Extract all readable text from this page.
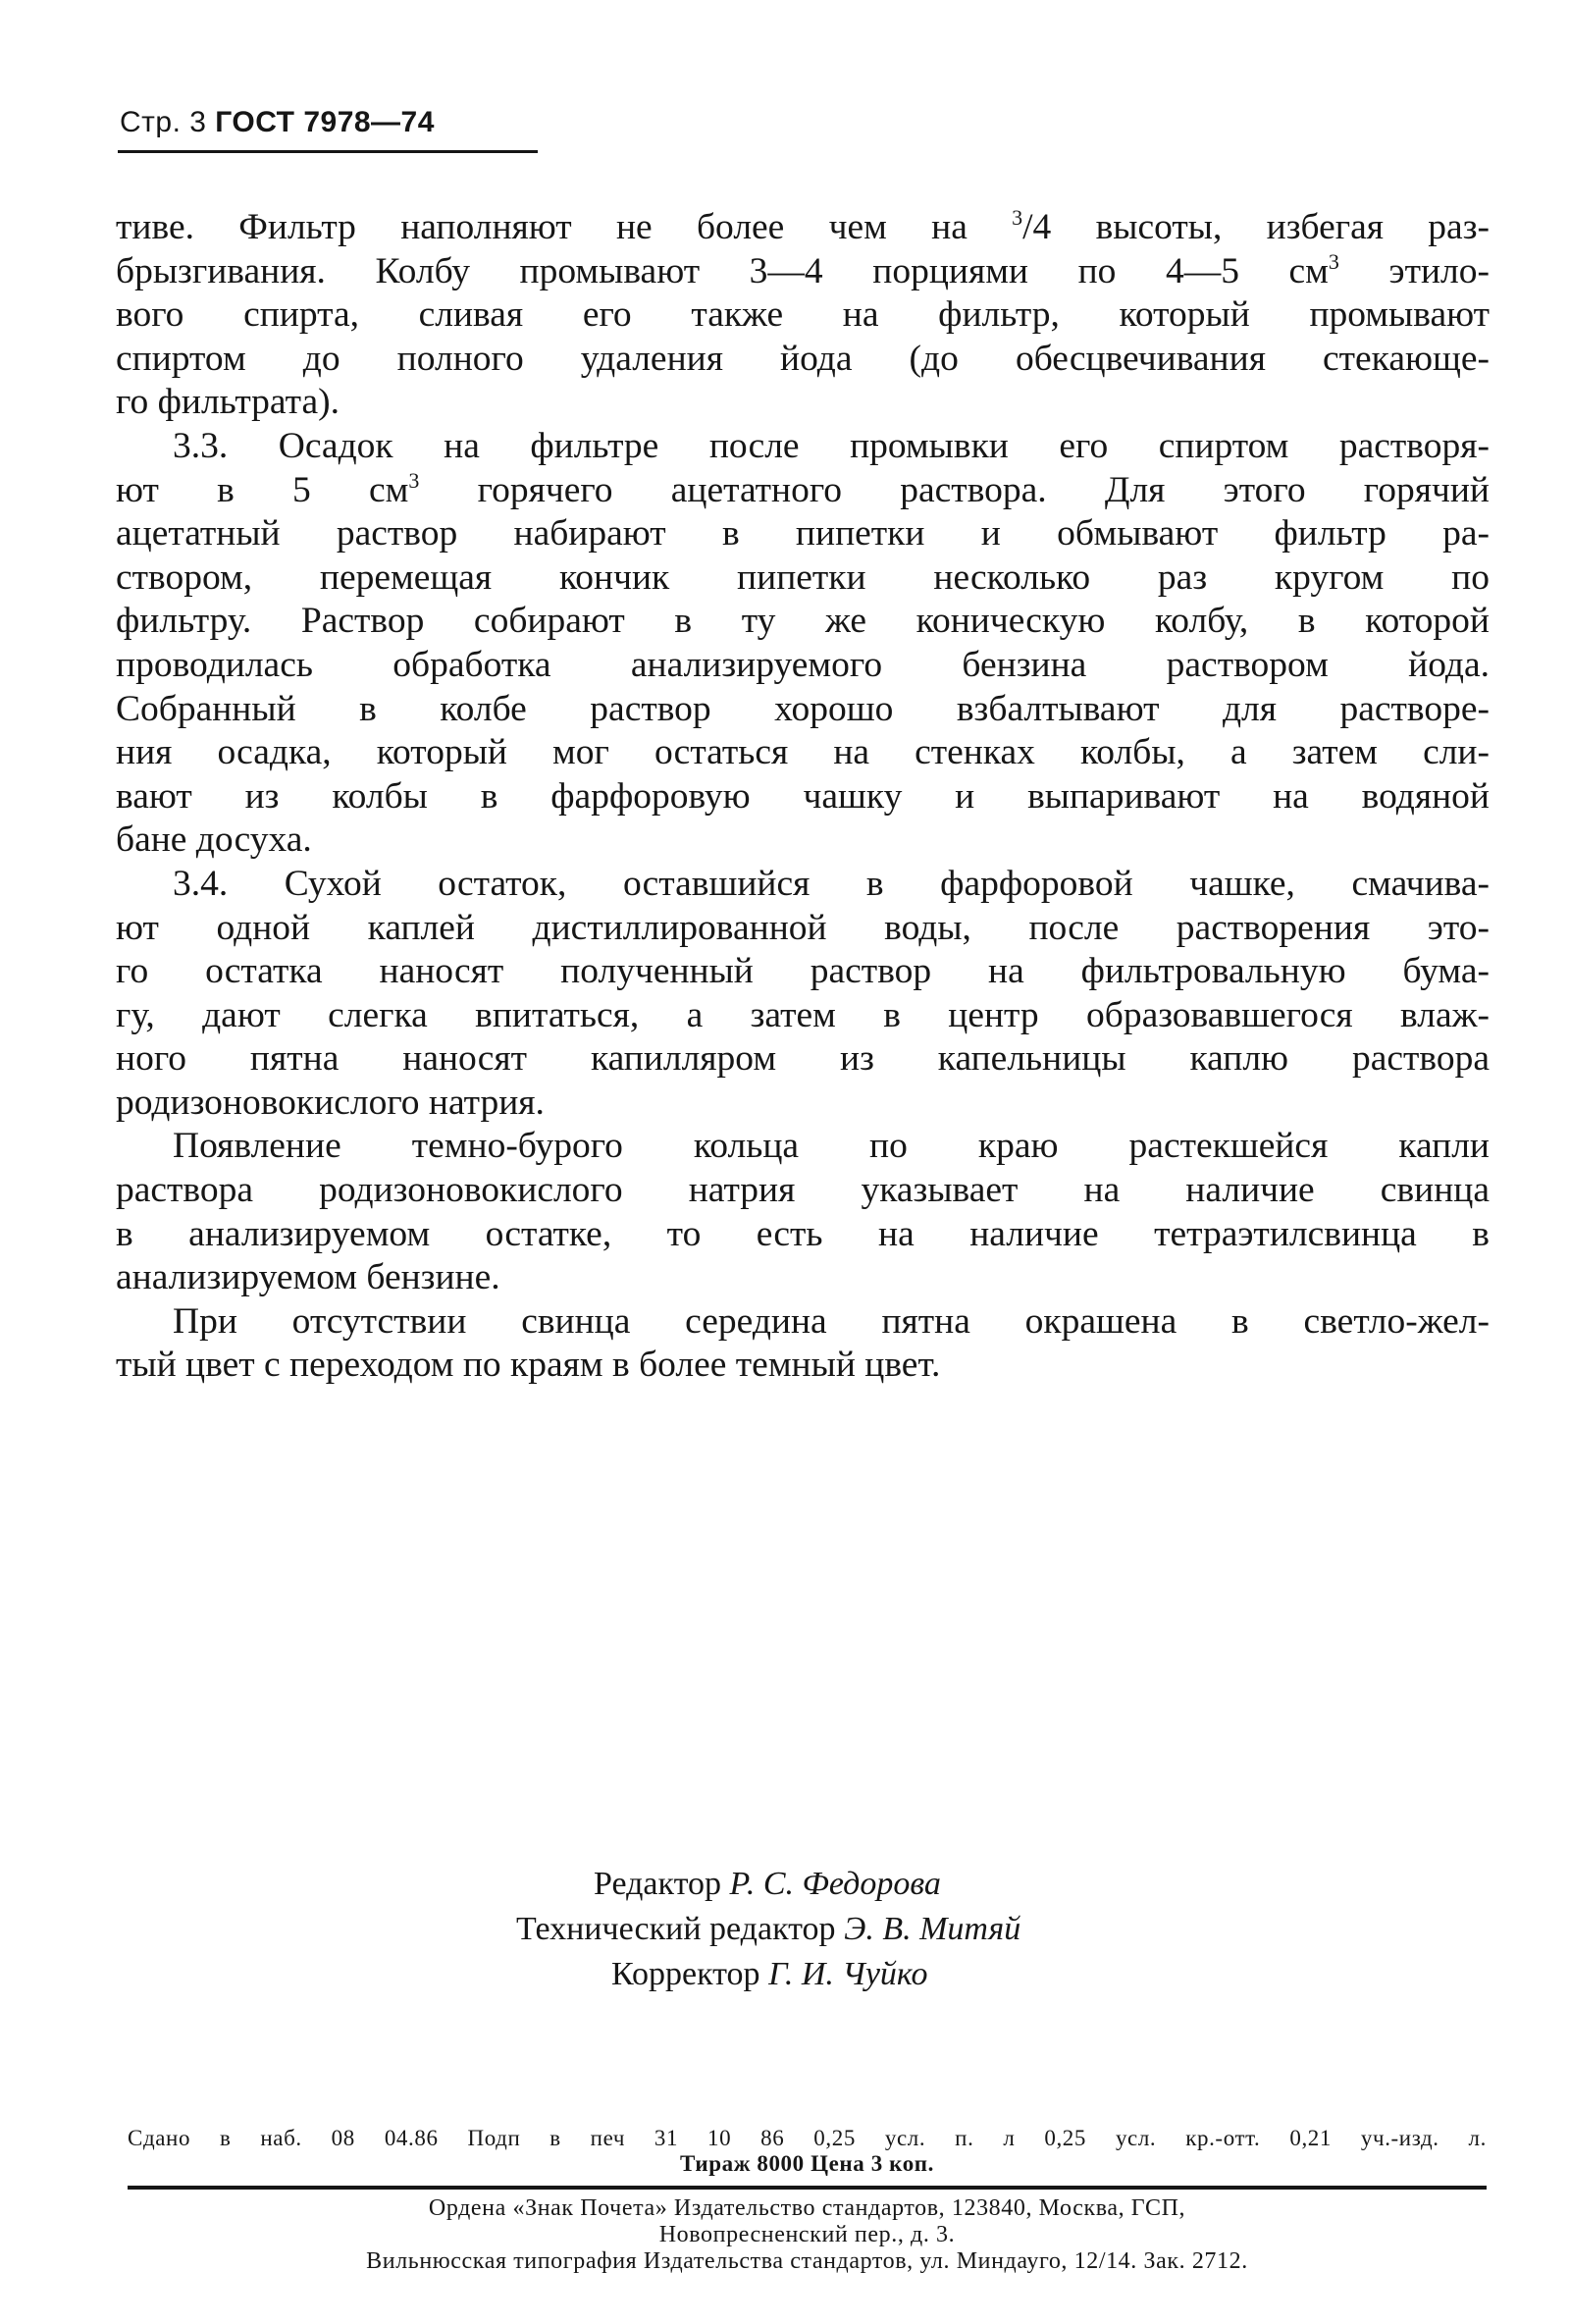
Стр. 3 ГОСТ 7978—74
тиве. Фильтр наполняют не более чем на $^3$/4 высоты, избегая раз-
брызгивания. Колбу промывают 3—4 порциями по 4—5 $см^3$ этило-
вого спирта, сливая его также на фильтр, который промывают
спиртом до полного удаления йода (до обесцвечивания стекающе-
го фильтрата).
3.3. Осадок на фильтре после промывки его спиртом растворя-
ют в 5 $см^3$ горячего ацетатного раствора. Для этого горячий
ацетатный раствор набирают в пипетки и обмывают фильтр ра-
створом, перемещая кончик пипетки несколько раз кругом по
фильтру. Раствор собирают в ту же коническую колбу, в которой
проводилась обработка анализируемого бензина раствором йода.
Собранный в колбе раствор хорошо взбалтывают для растворе-
ния осадка, который мог остаться на стенках колбы, а затем сли-
вают из колбы в фарфоровую чашку и выпаривают на водяной
бане досуха.
3.4. Сухой остаток, оставшийся в фарфоровой чашке, смачива-
ют одной каплей дистиллированной воды, после растворения это-
го остатка наносят полученный раствор на фильтровальную бума-
гу, дают слегка впитаться, а затем в центр образовавшегося влаж-
ного пятна наносят капилляром из капельницы каплю раствора
родизоновокислого натрия.
Появление темно-бурого кольца по краю растекшейся капли
раствора родизоновокислого натрия указывает на наличие свинца
в анализируемом остатке, то есть на наличие тетраэтилсвинца в
анализируемом бензине.
При отсутствии свинца середина пятна окрашена в светло-жел-
тый цвет с переходом по краям в более темный цвет.
Редактор Р. С. Федорова
Технический редактор Э. В. Митяй
Корректор Г. И. Чуйко
Сдано в наб. 08 04.86 Подп в печ 31 10 86 0,25 усл. п. л 0,25 усл. кр.-отт. 0,21 уч.-изд. л.
Тираж 8000 Цена 3 коп.
Ордена «Знак Почета» Издательство стандартов, 123840, Москва, ГСП,
Новопресненский пер., д. 3.
Вильнюсская типография Издательства стандартов, ул. Миндауго, 12/14. Зак. 2712.
